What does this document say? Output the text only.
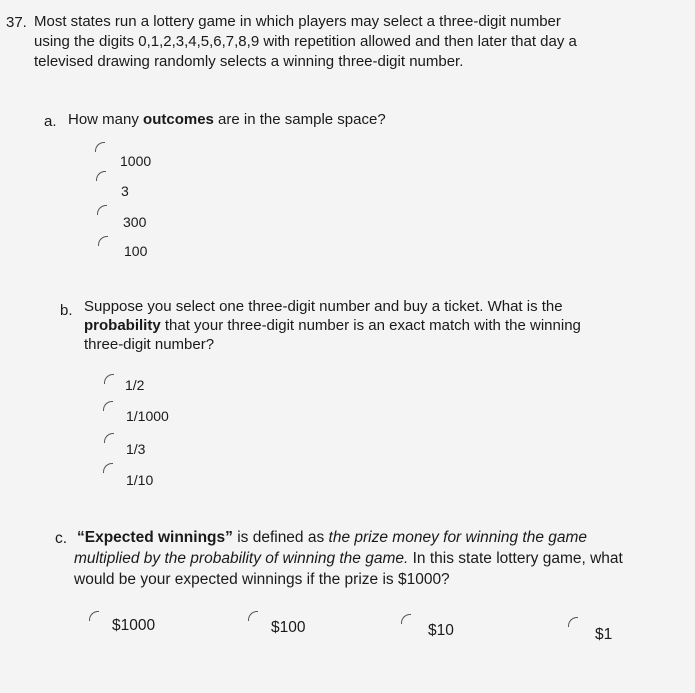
37. Most states run a lottery game in which players may select a three-digit number
using the digits 0,1,2,3,4,5,6,7,8,9 with repetition allowed and then later that day a
televised drawing randomly selects a winning three-digit number.
a. How many outcomes are in the sample space?
1000
3
300
100
b. Suppose you select one three-digit number and buy a ticket. What is the
probability that your three-digit number is an exact match with the winning
three-digit number?
1/2
1/1000
1/3
1/10
c. “Expected winnings” is defined as the prize money for winning the game
multiplied by the probability of winning the game. In this state lottery game, what
would be your expected winnings if the prize is $1000?
$1000	$100	$10	$1
